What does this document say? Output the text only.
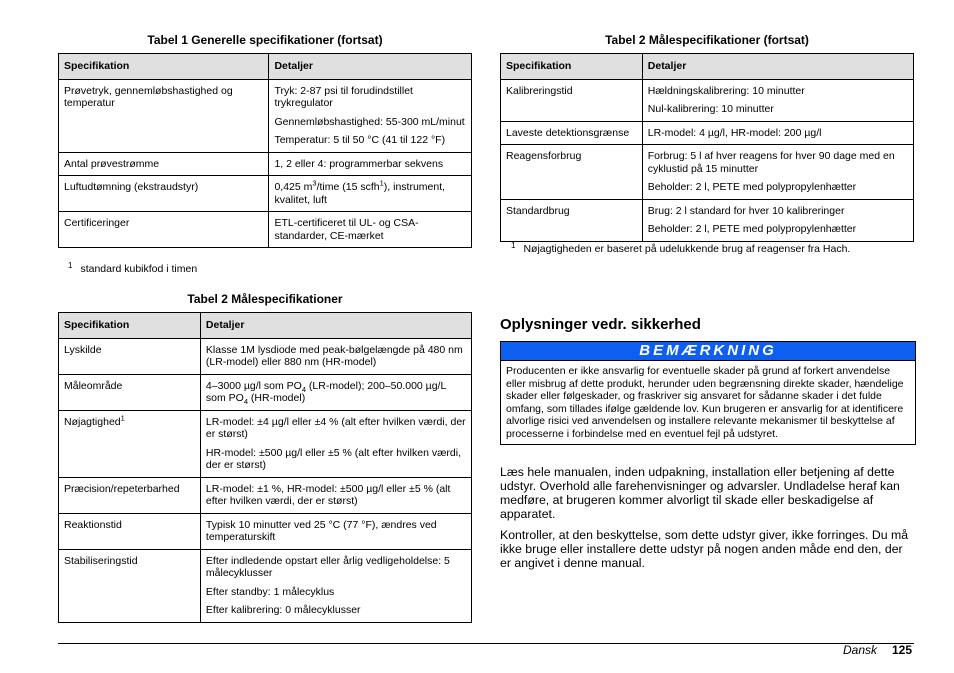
Tabel 1 Generelle specifikationer (fortsat)
Specifikation	Detaljer
Prøvetryk, gennemløbshastighed og temperatur	Tryk: 2-87 psi til forudindstillet trykregulator

Gennemløbshastighed: 55-300 mL/minut

Temperatur: 5 til 50 °C (41 til 122 °F)

Antal prøvestrømme	1, 2 eller 4: programmerbar sekvens

Luftudtømning (ekstraudstyr)	0,425 $m^3$/time (15 scfh$^1$), instrument, kvalitet, luft
Certificeringer	ETL-certificeret til UL- og CSA-standarder, CE-mærket

$^1$ standard kubikfod i timen
Tabel 2 Målespecifikationer
Specifikation	Detaljer
Lyskilde	Klasse 1M lysdiode med peak-bølgelængde på 480 nm (LR-model) eller 880 nm (HR-model)

Måleområde	4–3000 µg/l som $PO_4$ (LR-model); 200–50.000 µg/L som $PO_4$ (HR-model)
Nøjagtighed$^1$	LR-model: ±4 µg/l eller ±4 % (alt efter hvilken værdi, der er størst)

HR-model: ±500 µg/l eller ±5 % (alt efter hvilken værdi, der er størst)

Præcision/repeterbarhed	LR-model: ±1 %, HR-model: ±500 µg/l eller ±5 % (alt efter hvilken værdi, der er størst)

Reaktionstid	Typisk 10 minutter ved 25 °C (77 °F), ændres ved temperaturskift

Stabiliseringstid	Efter indledende opstart eller årlig vedligeholdelse: 5 målecyklusser

Efter standby: 1 målecyklus

Efter kalibrering: 0 målecyklusser

Tabel 2 Målespecifikationer (fortsat)
Specifikation	Detaljer
Kalibreringstid	Hældningskalibrering: 10 minutter

Nul-kalibrering: 10 minutter

Laveste detektionsgrænse	LR-model: 4 µg/l, HR-model: 200 µg/l

Reagensforbrug	Forbrug: 5 l af hver reagens for hver 90 dage med en cyklustid på 15 minutter

Beholder: 2 l, PETE med polypropylenhætter

Standardbrug	Brug: 2 l standard for hver 10 kalibreringer

Beholder: 2 l, PETE med polypropylenhætter

$^1$ Nøjagtigheden er baseret på udelukkende brug af reagenser fra Hach.
Oplysninger vedr. sikkerhed
BEMÆRKNING
Producenten er ikke ansvarlig for eventuelle skader på grund af forkert anvendelse eller misbrug af dette produkt, herunder uden begrænsning direkte skader, hændelige skader eller følgeskader, og fraskriver sig ansvaret for sådanne skader i det fulde omfang, som tillades ifølge gældende lov. Kun brugeren er ansvarlig for at identificere alvorlige risici ved anvendelsen og installere relevante mekanismer til beskyttelse af processerne i forbindelse med en eventuel fejl på udstyret.
Læs hele manualen, inden udpakning, installation eller betjening af dette udstyr. Overhold alle farehenvisninger og advarsler. Undladelse heraf kan medføre, at brugeren kommer alvorligt til skade eller beskadigelse af apparatet.
Kontroller, at den beskyttelse, som dette udstyr giver, ikke forringes. Du må ikke bruge eller installere dette udstyr på nogen anden måde end den, der er angivet i denne manual.
Dansk 125
